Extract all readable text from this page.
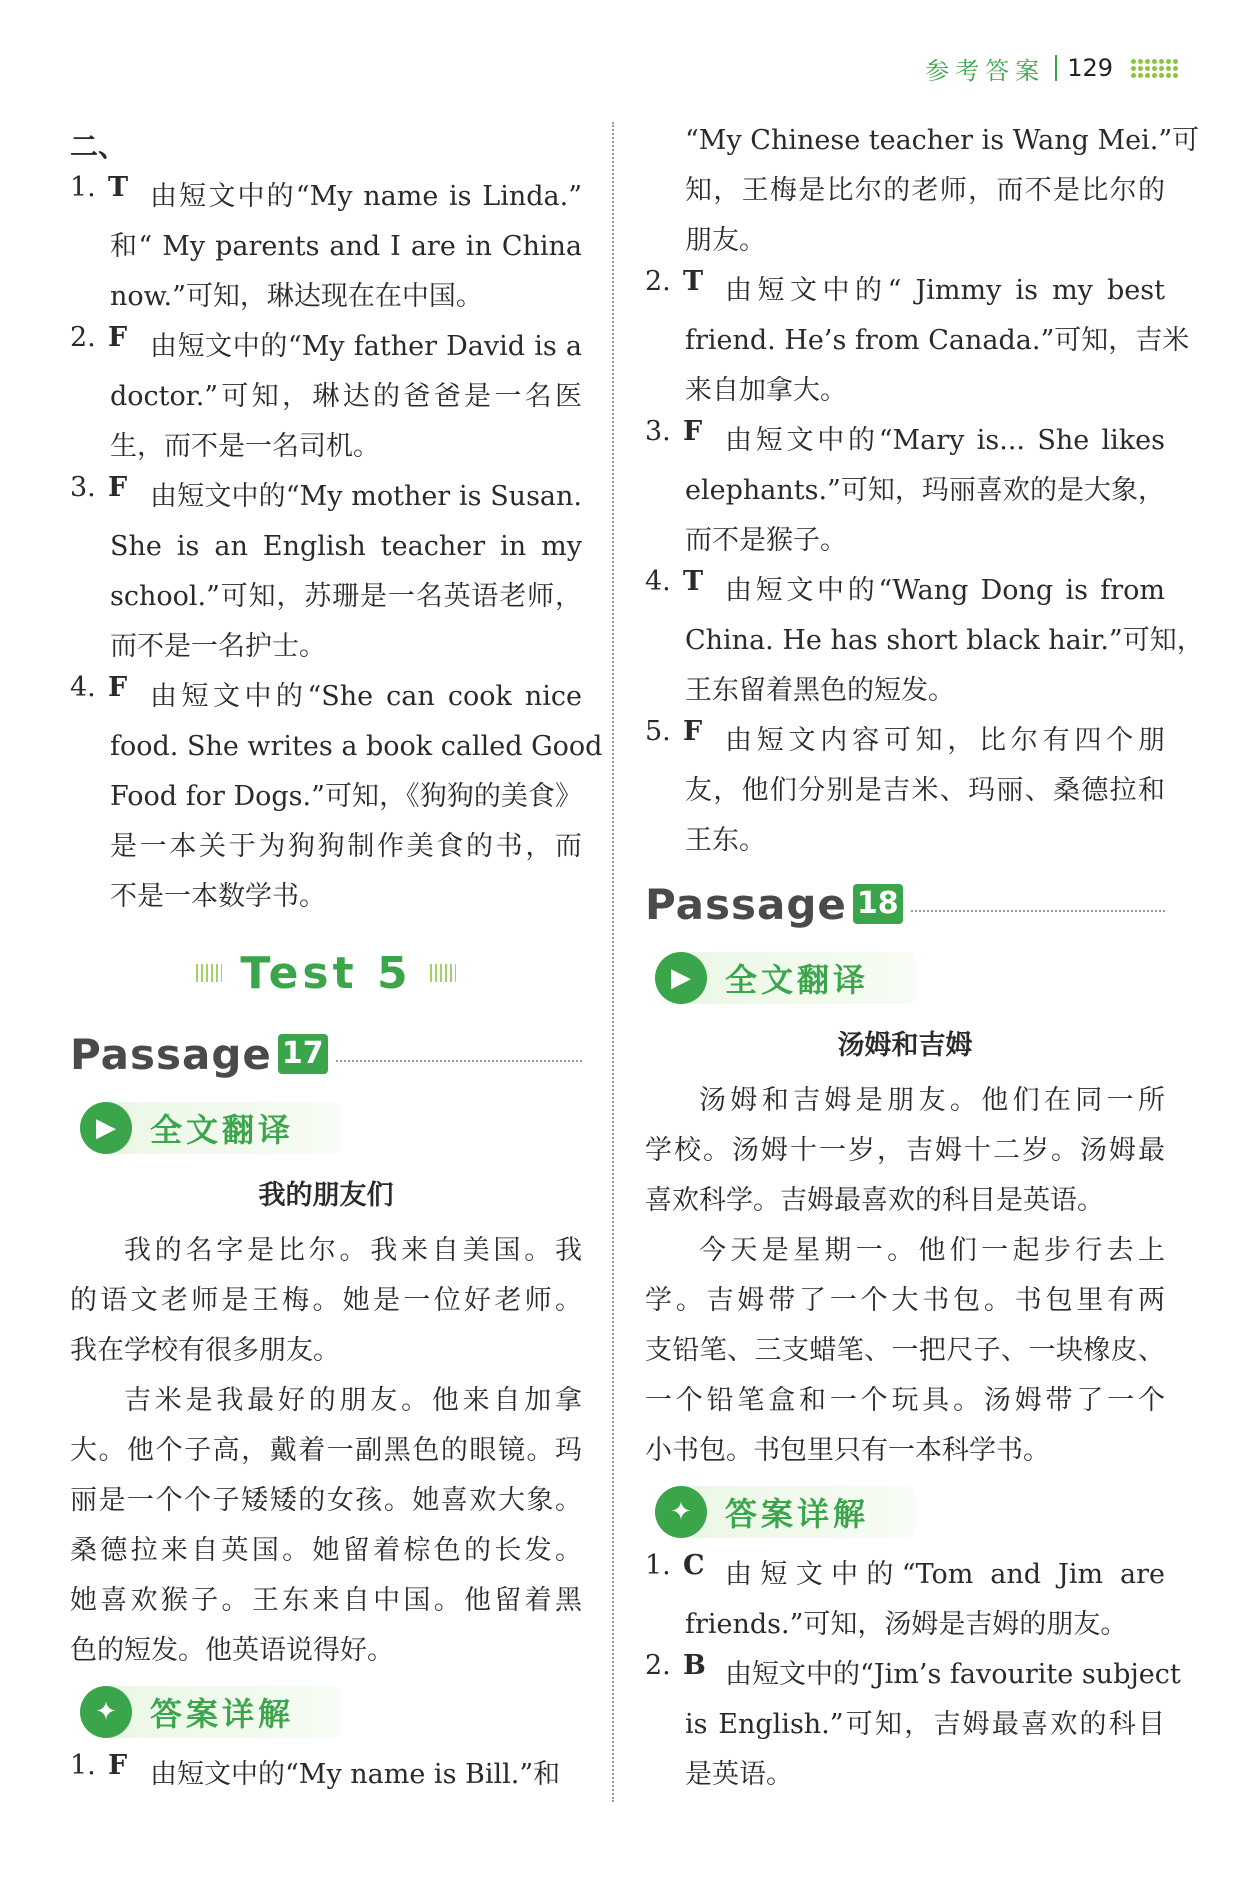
参考答案 129
二、
1. T 由短文中的“My name is Linda.”
和“ My parents and I are in China
now.”可知，琳达现在在中国。
2. F 由短文中的“My father David is a
doctor.”可知，琳达的爸爸是一名医
生，而不是一名司机。
3. F 由短文中的“My mother is Susan.
She is an English teacher in my
school.”可知，苏珊是一名英语老师，
而不是一名护士。
4. F 由短文中的“She can cook nice
food. She writes a book called Good
Food for Dogs.”可知，《狗狗的美食》
是一本关于为狗狗制作美食的书，而
不是一本数学书。
Test 5
Passage 17
▶	全文翻译
我的朋友们
我的名字是比尔。我来自美国。我
的语文老师是王梅。她是一位好老师。
我在学校有很多朋友。
吉米是我最好的朋友。他来自加拿
大。他个子高，戴着一副黑色的眼镜。玛
丽是一个个子矮矮的女孩。她喜欢大象。
桑德拉来自英国。她留着棕色的长发。
她喜欢猴子。王东来自中国。他留着黑
色的短发。他英语说得好。
✦	答案详解
1. F 由短文中的“My name is Bill.”和
“My Chinese teacher is Wang Mei.”可
知，王梅是比尔的老师，而不是比尔的
朋友。
2. T 由短文中的“ Jimmy is my best
friend. He’s from Canada.”可知，吉米
来自加拿大。
3. F 由短文中的“Mary is... She likes
elephants.”可知，玛丽喜欢的是大象，
而不是猴子。
4. T 由短文中的“Wang Dong is from
China. He has short black hair.”可知，
王东留着黑色的短发。
5. F 由短文内容可知，比尔有四个朋
友，他们分别是吉米、玛丽、桑德拉和
王东。
Passage 18
▶	全文翻译
汤姆和吉姆
汤姆和吉姆是朋友。他们在同一所
学校。汤姆十一岁，吉姆十二岁。汤姆最
喜欢科学。吉姆最喜欢的科目是英语。
今天是星期一。他们一起步行去上
学。吉姆带了一个大书包。书包里有两
支铅笔、三支蜡笔、一把尺子、一块橡皮、
一个铅笔盒和一个玩具。汤姆带了一个
小书包。书包里只有一本科学书。
✦	答案详解
1. C 由短文中的“Tom and Jim are
friends.”可知，汤姆是吉姆的朋友。
2. B 由短文中的“Jim’s favourite subject
is English.”可知，吉姆最喜欢的科目
是英语。
